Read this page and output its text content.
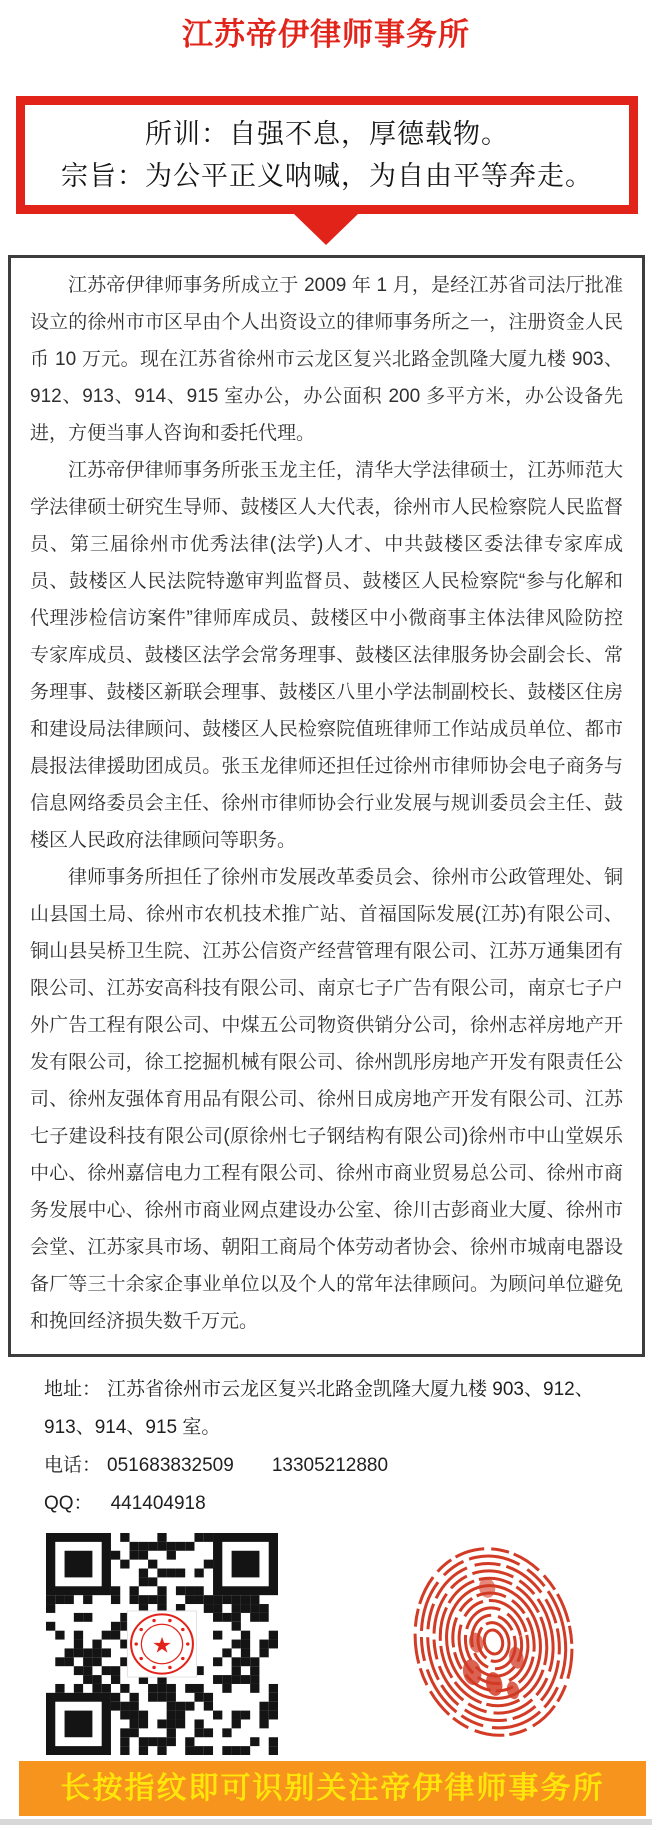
江苏帝伊律师事务所
所训：自强不息，厚德载物。
宗旨：为公平正义呐喊，为自由平等奔走。

江苏帝伊律师事务所成立于 2009 年 1 月，是经江苏省司法厅批准设立的徐州市市区早由个人出资设立的律师事务所之一，注册资金人民币 10 万元。现在江苏省徐州市云龙区复兴北路金凯隆大厦九楼 903、912、913、914、915 室办公，办公面积 200 多平方米，办公设备先进，方便当事人咨询和委托代理。

江苏帝伊律师事务所张玉龙主任，清华大学法律硕士，江苏师范大学法律硕士研究生导师、鼓楼区人大代表，徐州市人民检察院人民监督员、第三届徐州市优秀法律(法学)人才、中共鼓楼区委法律专家库成员、鼓楼区人民法院特邀审判监督员、鼓楼区人民检察院“参与化解和代理涉检信访案件”律师库成员、鼓楼区中小微商事主体法律风险防控专家库成员、鼓楼区法学会常务理事、鼓楼区法律服务协会副会长、常务理事、鼓楼区新联会理事、鼓楼区八里小学法制副校长、鼓楼区住房和建设局法律顾问、鼓楼区人民检察院值班律师工作站成员单位、都市晨报法律援助团成员。张玉龙律师还担任过徐州市律师协会电子商务与信息网络委员会主任、徐州市律师协会行业发展与规训委员会主任、鼓楼区人民政府法律顾问等职务。

律师事务所担任了徐州市发展改革委员会、徐州市公政管理处、铜山县国土局、徐州市农机技术推广站、首福国际发展(江苏)有限公司、铜山县吴桥卫生院、江苏公信资产经营管理有限公司、江苏万通集团有限公司、江苏安高科技有限公司、南京七子广告有限公司，南京七子户外广告工程有限公司、中煤五公司物资供销分公司，徐州志祥房地产开发有限公司，徐工挖掘机械有限公司、徐州凯彤房地产开发有限责任公司、徐州友强体育用品有限公司、徐州日成房地产开发有限公司、江苏七子建设科技有限公司(原徐州七子钢结构有限公司)徐州市中山堂娱乐中心、徐州嘉信电力工程有限公司、徐州市商业贸易总公司、徐州市商务发展中心、徐州市商业网点建设办公室、徐川古彭商业大厦、徐州市会堂、江苏家具市场、朝阳工商局个体劳动者协会、徐州市城南电器设备厂等三十余家企事业单位以及个人的常年法律顾问。为顾问单位避免和挽回经济损失数千万元。

地址： 江苏省徐州市云龙区复兴北路金凯隆大厦九楼 903、912、913、914、915 室。
电话： 051683832509 13305212880
QQ： 441404918
★
长按指纹即可识别关注帝伊律师事务所
